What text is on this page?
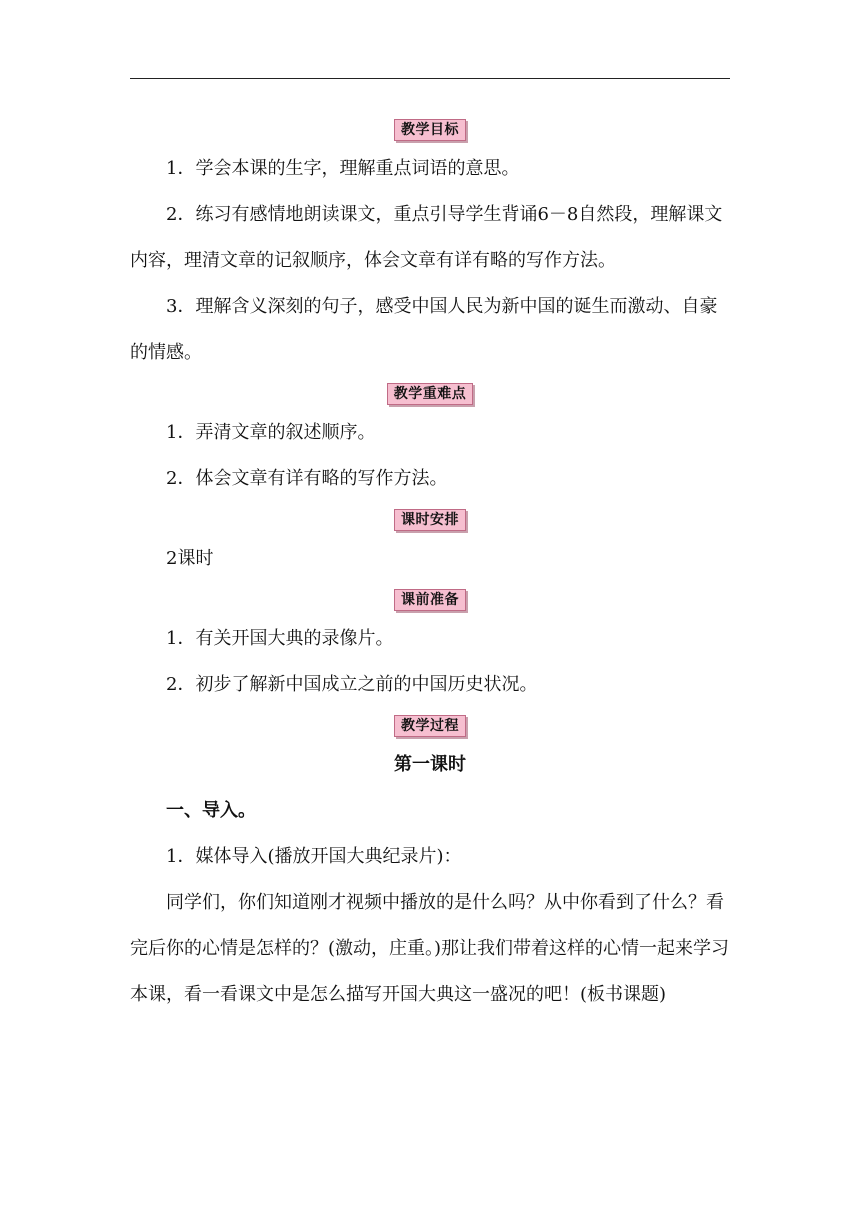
教学目标

1．学会本课的生字，理解重点词语的意思。

2．练习有感情地朗读课文，重点引导学生背诵6－8自然段，理解课文内容，理清文章的记叙顺序，体会文章有详有略的写作方法。

3．理解含义深刻的句子，感受中国人民为新中国的诞生而激动、自豪的情感。

教学重难点

1．弄清文章的叙述顺序。

2．体会文章有详有略的写作方法。

课时安排

2课时

课前准备

1．有关开国大典的录像片。

2．初步了解新中国成立之前的中国历史状况。

教学过程

第一课时

一、导入。

1．媒体导入(播放开国大典纪录片)：

同学们，你们知道刚才视频中播放的是什么吗？从中你看到了什么？看完后你的心情是怎样的？(激动，庄重。)那让我们带着这样的心情一起来学习本课，看一看课文中是怎么描写开国大典这一盛况的吧！(板书课题)
